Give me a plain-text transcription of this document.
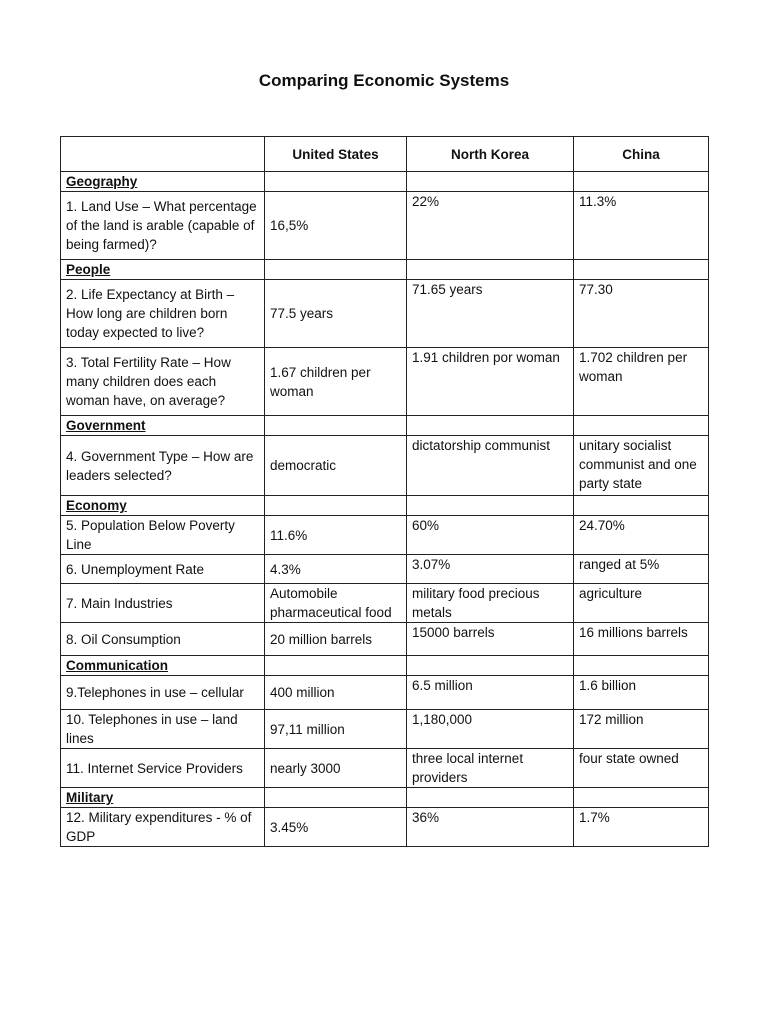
Comparing Economic Systems
	United States	North Korea	China
Geography			
1. Land Use – What percentage of the land is arable (capable of being farmed)?	16,5%	22%	11.3%
People			
2. Life Expectancy at Birth – How long are children born today expected to live?	77.5 years	71.65 years	77.30
3. Total Fertility Rate – How many children does each woman have, on average?	1.67 children per woman	1.91 children por woman	1.702 children per woman
Government			
4. Government Type – How are leaders selected?	democratic	dictatorship communist	unitary socialist communist and one party state
Economy			
5. Population Below Poverty Line	11.6%	60%	24.70%
6. Unemployment Rate	4.3%	3.07%	ranged at 5%
7. Main Industries	Automobile pharmaceutical food	military food precious metals	agriculture
8. Oil Consumption	20 million barrels	15000 barrels	16 millions barrels
Communication			
9.Telephones in use – cellular	400 million	6.5 million	1.6 billion
10. Telephones in use – land lines	97,11 million	1,180,000	172 million
11. Internet Service Providers	nearly 3000	three local internet providers	four state owned
Military			
12. Military expenditures - % of GDP	3.45%	36%	1.7%
